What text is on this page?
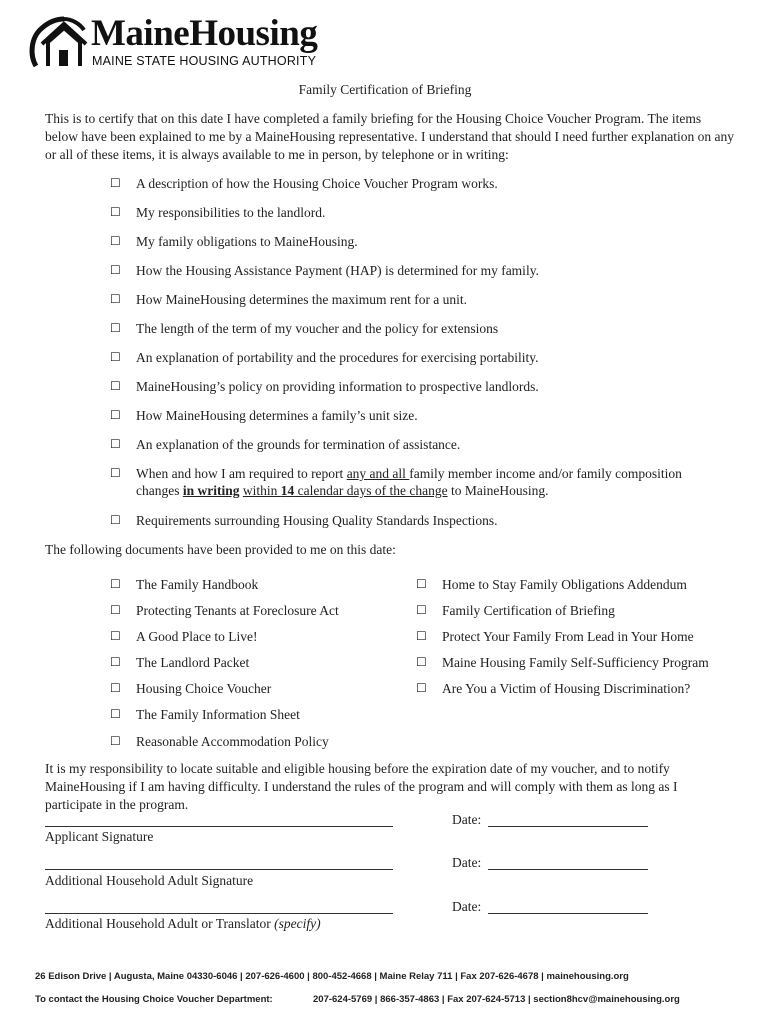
MaineHousing
MAINE STATE HOUSING AUTHORITY
Family Certification of Briefing
This is to certify that on this date I have completed a family briefing for the Housing Choice Voucher Program. The items below have been explained to me by a MaineHousing representative. I understand that should I need further explanation on any or all of these items, it is always available to me in person, by telephone or in writing:
☐ A description of how the Housing Choice Voucher Program works.
☐ My responsibilities to the landlord.
☐ My family obligations to MaineHousing.
☐ How the Housing Assistance Payment (HAP) is determined for my family.
☐ How MaineHousing determines the maximum rent for a unit.
☐ The length of the term of my voucher and the policy for extensions
☐ An explanation of portability and the procedures for exercising portability.
☐ MaineHousing’s policy on providing information to prospective landlords.
☐ How MaineHousing determines a family’s unit size.
☐ An explanation of the grounds for termination of assistance.
☐ When and how I am required to report any and all family member income and/or family composition changes in writing within 14 calendar days of the change to MaineHousing.
☐ Requirements surrounding Housing Quality Standards Inspections.
The following documents have been provided to me on this date:
☐ The Family Handbook
☐ Protecting Tenants at Foreclosure Act
☐ A Good Place to Live!
☐ The Landlord Packet
☐ Housing Choice Voucher
☐ The Family Information Sheet
☐ Reasonable Accommodation Policy
☐ Home to Stay Family Obligations Addendum
☐ Family Certification of Briefing
☐ Protect Your Family From Lead in Your Home
☐ Maine Housing Family Self-Sufficiency Program
☐ Are You a Victim of Housing Discrimination?
It is my responsibility to locate suitable and eligible housing before the expiration date of my voucher, and to notify MaineHousing if I am having difficulty. I understand the rules of the program and will comply with them as long as I participate in the program.
Date:
Applicant Signature
Date:
Additional Household Adult Signature
Date:
Additional Household Adult or Translator (specify)
26 Edison Drive | Augusta, Maine 04330-6046 | 207-626-4600 | 800-452-4668 | Maine Relay 711 | Fax 207-626-4678 | mainehousing.org
To contact the Housing Choice Voucher Department:	207-624-5769 | 866-357-4863 | Fax 207-624-5713 | section8hcv@mainehousing.org
